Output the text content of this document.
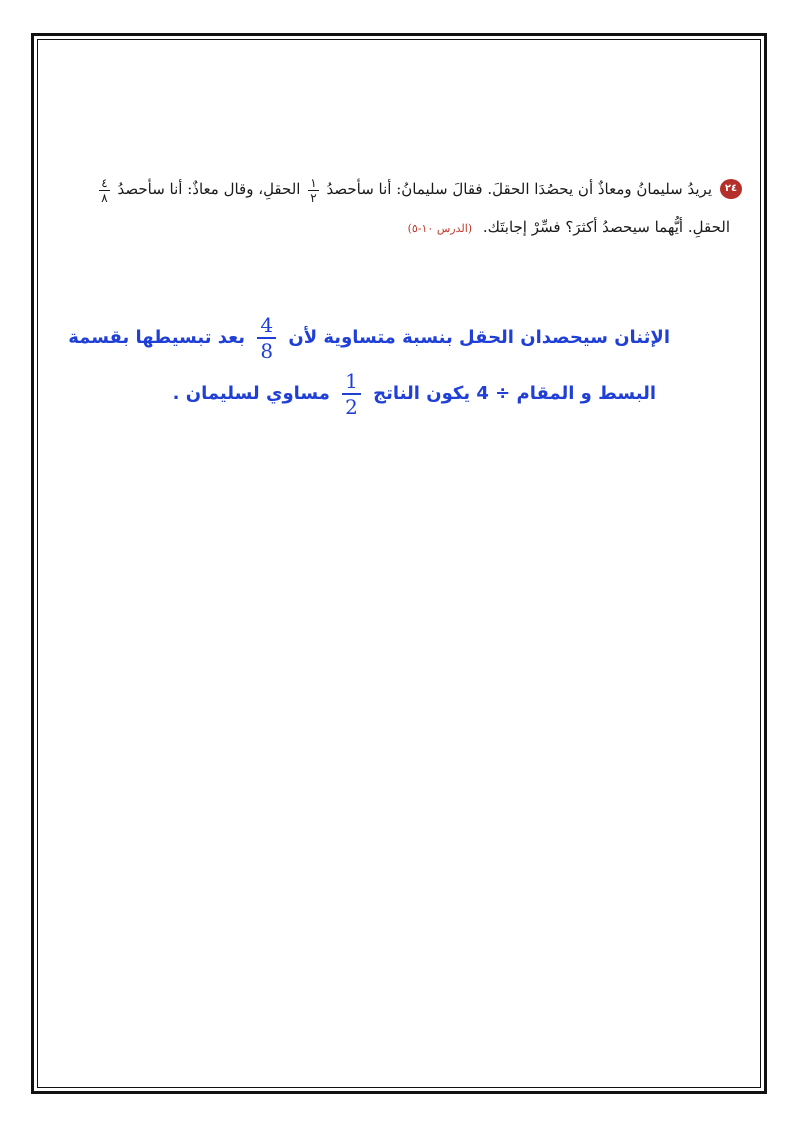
٢٤
يريدُ سليمانُ ومعاذٌ أن يحصُدَا الحقلَ. فقالَ سليمانُ: أنا سأحصدُ
$\frac{١}{٢}$
الحقلِ، وقال معاذٌ: أنا سأحصدُ
$\frac{٤}{٨}$
الحقلِ. أيُّهما سيحصدُ أكثرَ؟ فسِّرْ إجابتَك. (الدرس ١٠-٥)
الإثنان سيحصدان الحقل بنسبة متساوية لأن
$\frac{4}{8}$
بعد تبسيطها بقسمة
البسط و المقام ÷ 4 يكون الناتج
$\frac{1}{2}$
مساوي لسليمان .
